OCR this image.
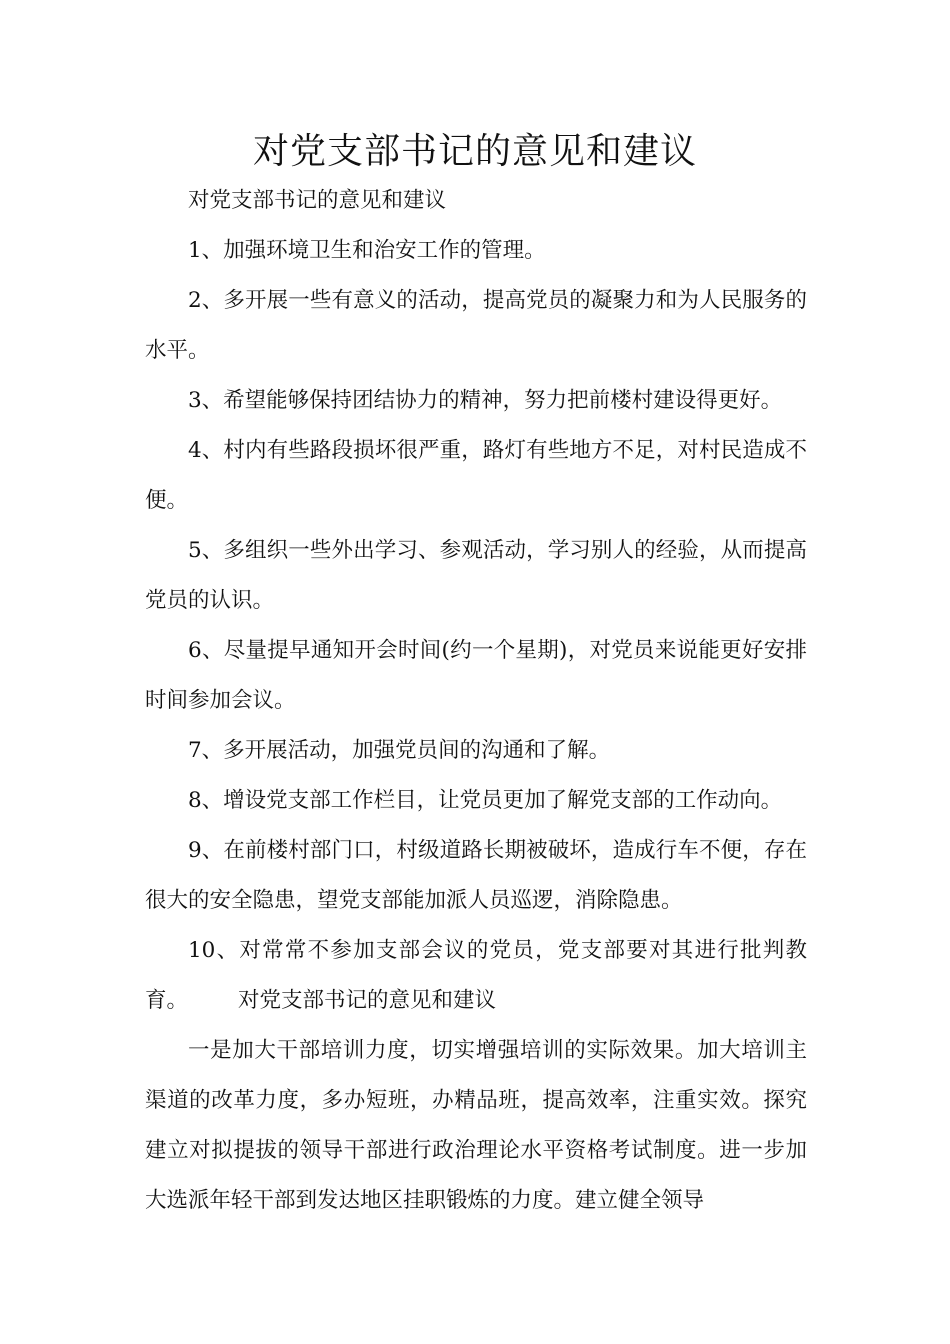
对党支部书记的意见和建议

对党支部书记的意见和建议

1、加强环境卫生和治安工作的管理。

2、多开展一些有意义的活动，提高党员的凝聚力和为人民服务的水平。

3、希望能够保持团结协力的精神，努力把前楼村建设得更好。

4、村内有些路段损坏很严重，路灯有些地方不足，对村民造成不便。

5、多组织一些外出学习、参观活动，学习别人的经验，从而提高党员的认识。

6、尽量提早通知开会时间(约一个星期)，对党员来说能更好安排时间参加会议。

7、多开展活动，加强党员间的沟通和了解。

8、增设党支部工作栏目，让党员更加了解党支部的工作动向。

9、在前楼村部门口，村级道路长期被破坏，造成行车不便，存在很大的安全隐患，望党支部能加派人员巡逻，消除隐患。

10、对常常不参加支部会议的党员，党支部要对其进行批判教育。 对党支部书记的意见和建议

一是加大干部培训力度，切实增强培训的实际效果。加大培训主渠道的改革力度，多办短班，办精品班，提高效率，注重实效。探究建立对拟提拔的领导干部进行政治理论水平资格考试制度。进一步加大选派年轻干部到发达地区挂职锻炼的力度。建立健全领导
